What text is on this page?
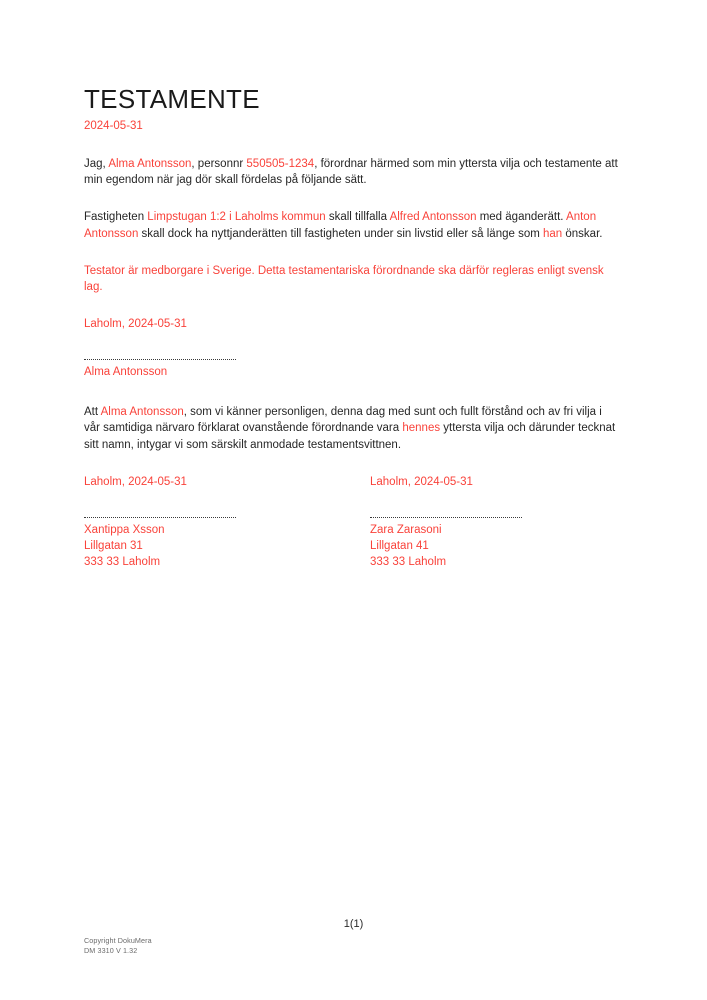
TESTAMENTE
2024-05-31

Jag, Alma Antonsson, personnr 550505-1234, förordnar härmed som min yttersta vilja och testamente att min egendom när jag dör skall fördelas på följande sätt.

Fastigheten Limpstugan 1:2 i Laholms kommun skall tillfalla Alfred Antonsson med äganderätt. Anton Antonsson skall dock ha nyttjanderätten till fastigheten under sin livstid eller så länge som han önskar.

Testator är medborgare i Sverige. Detta testamentariska förordnande ska därför regleras enligt svensk lag.

Laholm, 2024-05-31

Alma Antonsson

Att Alma Antonsson, som vi känner personligen, denna dag med sunt och fullt förstånd och av fri vilja i vår samtidiga närvaro förklarat ovanstående förordnande vara hennes yttersta vilja och därunder tecknat sitt namn, intygar vi som särskilt anmodade testamentsvittnen.

Laholm, 2024-05-31	Laholm, 2024-05-31

Xantippa Xsson

Lillgatan 31

333 33 Laholm

Zara Zarasoni

Lillgatan 41

333 33 Laholm

1(1)
Copyright DokuMera
DM 3310 V 1.32
